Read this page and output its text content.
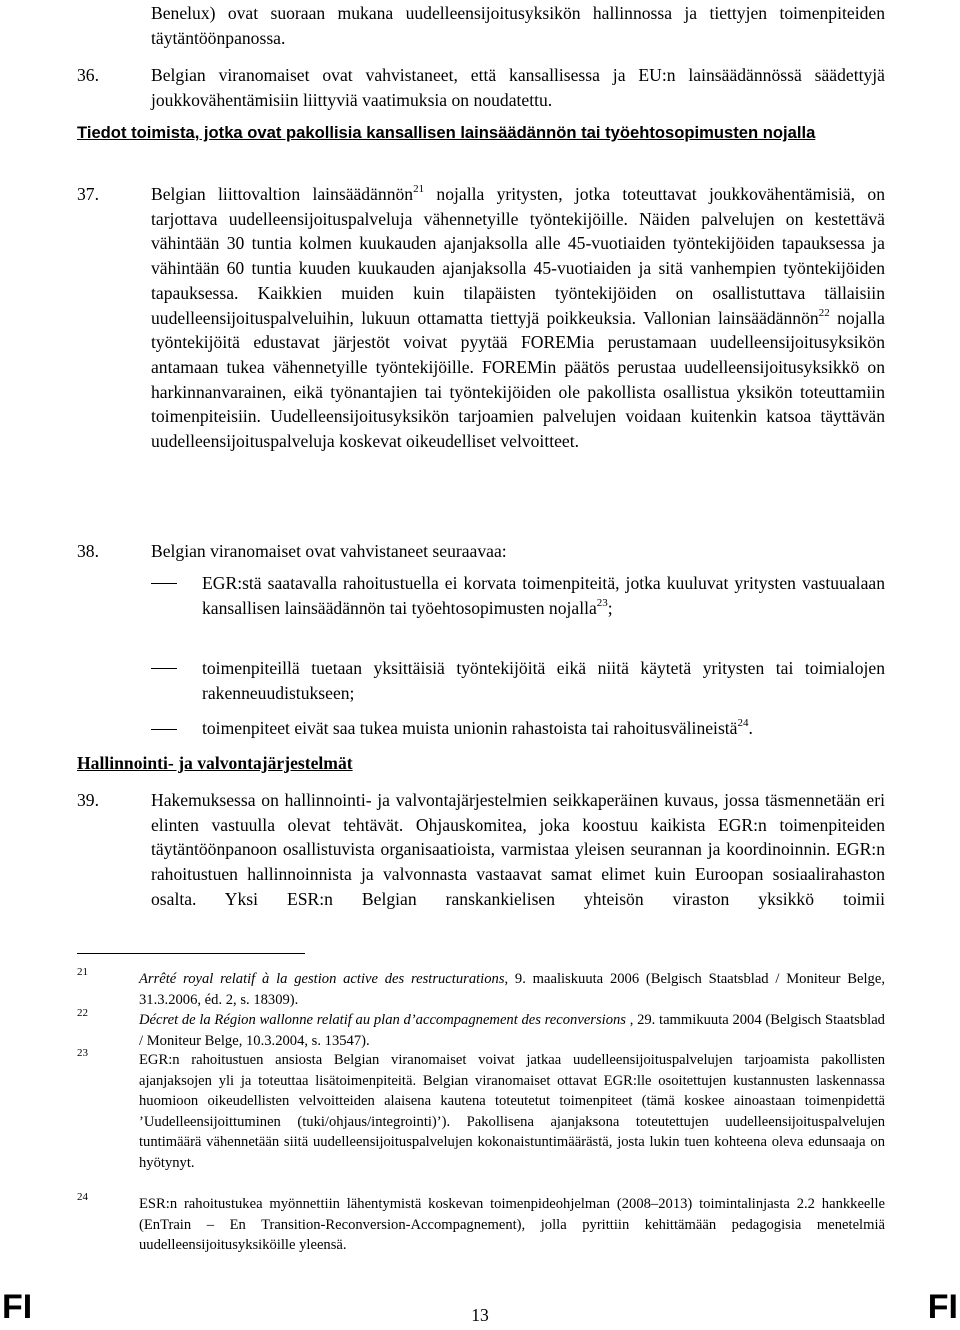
Benelux) ovat suoraan mukana uudelleensijoitusyksikön hallinnossa ja tiettyjen toimenpiteiden täytäntöönpanossa.
36.	Belgian viranomaiset ovat vahvistaneet, että kansallisessa ja EU:n lainsäädännössä säädettyjä joukkovähentämisiin liittyviä vaatimuksia on noudatettu.
Tiedot toimista, jotka ovat pakollisia kansallisen lainsäädännön tai työehtosopimusten nojalla
37.	Belgian liittovaltion lainsäädännön$^{21}$ nojalla yritysten, jotka toteuttavat joukkovähentämisiä, on tarjottava uudelleensijoituspalveluja vähennetyille työntekijöille. Näiden palvelujen on kestettävä vähintään 30 tuntia kolmen kuukauden ajanjaksolla alle 45-vuotiaiden työntekijöiden tapauksessa ja vähintään 60 tuntia kuuden kuukauden ajanjaksolla 45-vuotiaiden ja sitä vanhempien työntekijöiden tapauksessa. Kaikkien muiden kuin tilapäisten työntekijöiden on osallistuttava tällaisiin uudelleensijoituspalveluihin, lukuun ottamatta tiettyjä poikkeuksia. Vallonian lainsäädännön$^{22}$ nojalla työntekijöitä edustavat järjestöt voivat pyytää FOREMia perustamaan uudelleensijoitusyksikön antamaan tukea vähennetyille työntekijöille. FOREMin päätös perustaa uudelleensijoitusyksikkö on harkinnanvarainen, eikä työnantajien tai työntekijöiden ole pakollista osallistua yksikön toteuttamiin toimenpiteisiin. Uudelleensijoitusyksikön tarjoamien palvelujen voidaan kuitenkin katsoa täyttävän uudelleensijoituspalveluja koskevat oikeudelliset velvoitteet.
38.	Belgian viranomaiset ovat vahvistaneet seuraavaa:
EGR:stä saatavalla rahoitustuella ei korvata toimenpiteitä, jotka kuuluvat yritysten vastuualaan kansallisen lainsäädännön tai työehtosopimusten nojalla$^{23}$;
toimenpiteillä tuetaan yksittäisiä työntekijöitä eikä niitä käytetä yritysten tai toimialojen rakenneuudistukseen;
toimenpiteet eivät saa tukea muista unionin rahastoista tai rahoitusvälineistä$^{24}$.
Hallinnointi- ja valvontajärjestelmät
39.	Hakemuksessa on hallinnointi- ja valvontajärjestelmien seikkaperäinen kuvaus, jossa täsmennetään eri elinten vastuulla olevat tehtävät. Ohjauskomitea, joka koostuu kaikista EGR:n toimenpiteiden täytäntöönpanoon osallistuvista organisaatioista, varmistaa yleisen seurannan ja koordinoinnin. EGR:n rahoitustuen hallinnoinnista ja valvonnasta vastaavat samat elimet kuin Euroopan sosiaalirahaston osalta. Yksi ESR:n Belgian ranskankielisen yhteisön viraston yksikkö toimii
21	Arrêté royal relatif à la gestion active des restructurations, 9. maaliskuuta 2006 (Belgisch Staatsblad / Moniteur Belge, 31.3.2006, éd. 2, s. 18309).
22	Décret de la Région wallonne relatif au plan d’accompagnement des reconversions , 29. tammikuuta 2004 (Belgisch Staatsblad / Moniteur Belge, 10.3.2004, s. 13547).
23	EGR:n rahoitustuen ansiosta Belgian viranomaiset voivat jatkaa uudelleensijoituspalvelujen tarjoamista pakollisten ajanjaksojen yli ja toteuttaa lisätoimenpiteitä. Belgian viranomaiset ottavat EGR:lle osoitettujen kustannusten laskennassa huomioon oikeudellisten velvoitteiden alaisena kautena toteutetut toimenpiteet (tämä koskee ainoastaan toimenpidettä ’Uudelleensijoittuminen (tuki/ohjaus/integrointi)’). Pakollisena ajanjaksona toteutettujen uudelleensijoituspalvelujen tuntimäärä vähennetään siitä uudelleensijoituspalvelujen kokonaistuntimäärästä, josta lukin tuen kohteena oleva edunsaaja on hyötynyt.
24	ESR:n rahoitustukea myönnettiin lähentymistä koskevan toimenpideohjelman (2008–2013) toimintalinjasta 2.2 hankkeelle (EnTrain – En Transition-Reconversion-Accompagnement), jolla pyrittiin kehittämään pedagogisia menetelmiä uudelleensijoitusyksiköille yleensä.
FI	13	FI
